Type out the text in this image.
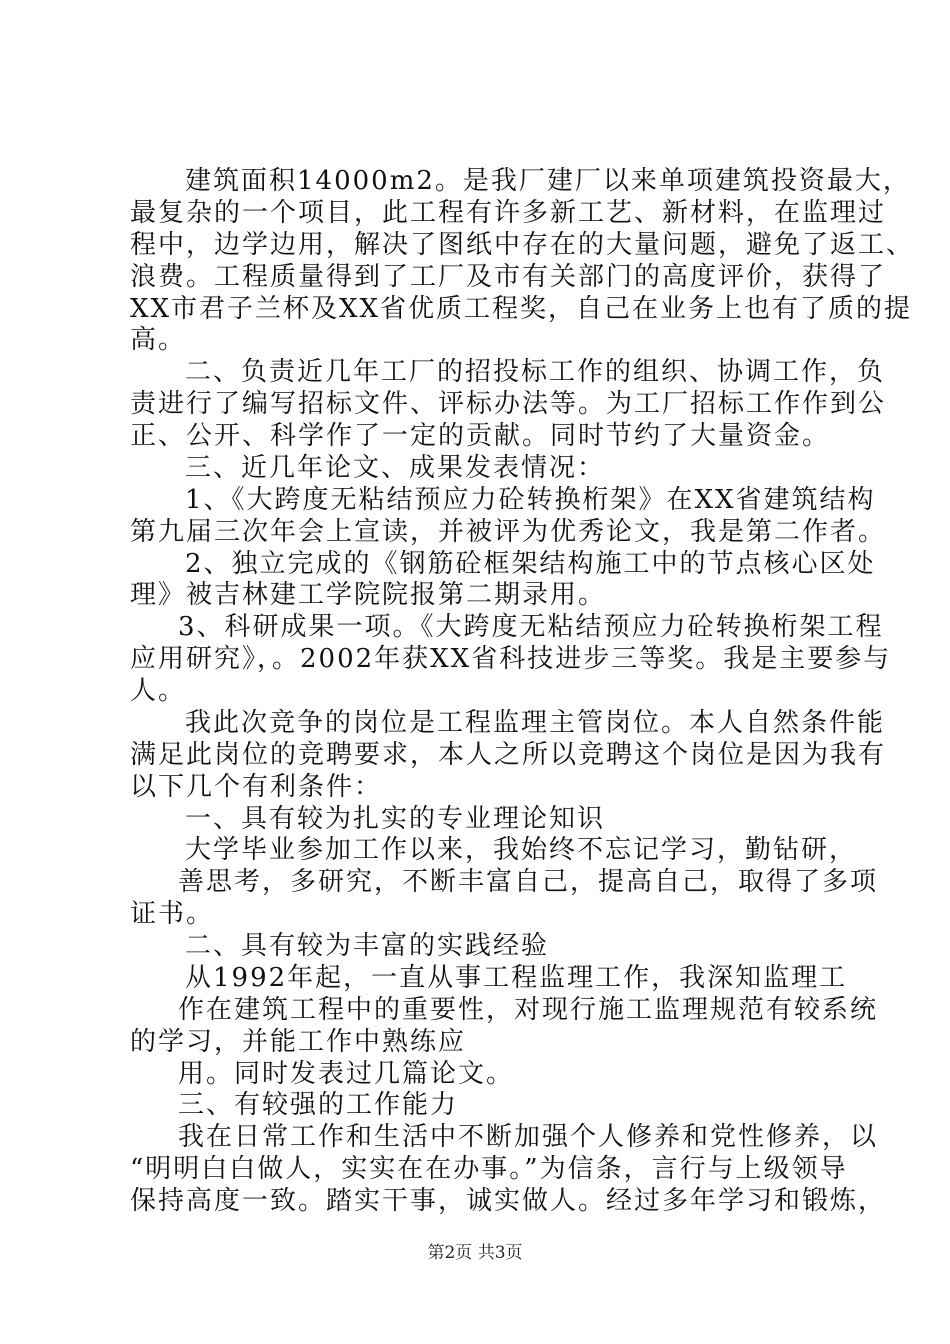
建筑面积14000m2。是我厂建厂以来单项建筑投资最大，
最复杂的一个项目，此工程有许多新工艺、新材料，在监理过
程中，边学边用，解决了图纸中存在的大量问题，避免了返工、
浪费。工程质量得到了工厂及市有关部门的高度评价，获得了
XX市君子兰杯及XX省优质工程奖，自己在业务上也有了质的提
高。
二、负责近几年工厂的招投标工作的组织、协调工作，负
责进行了编写招标文件、评标办法等。为工厂招标工作作到公
正、公开、科学作了一定的贡献。同时节约了大量资金。
三、近几年论文、成果发表情况：
1、《大跨度无粘结预应力砼转换桁架》在XX省建筑结构
第九届三次年会上宣读，并被评为优秀论文，我是第二作者。
2、独立完成的《钢筋砼框架结构施工中的节点核心区处
理》被吉林建工学院院报第二期录用。
3、科研成果一项。《大跨度无粘结预应力砼转换桁架工程
应用研究》，。2002年获XX省科技进步三等奖。我是主要参与
人。
我此次竞争的岗位是工程监理主管岗位。本人自然条件能
满足此岗位的竞聘要求，本人之所以竞聘这个岗位是因为我有
以下几个有利条件：
一、具有较为扎实的专业理论知识
大学毕业参加工作以来，我始终不忘记学习，勤钻研，
善思考，多研究，不断丰富自己，提高自己，取得了多项
证书。
二、具有较为丰富的实践经验
从1992年起，一直从事工程监理工作，我深知监理工
作在建筑工程中的重要性，对现行施工监理规范有较系统
的学习，并能工作中熟练应
用。同时发表过几篇论文。
三、有较强的工作能力
我在日常工作和生活中不断加强个人修养和党性修养，以
“明明白白做人，实实在在办事。”为信条，言行与上级领导
保持高度一致。踏实干事，诚实做人。经过多年学习和锻炼，
第2页 共3页
